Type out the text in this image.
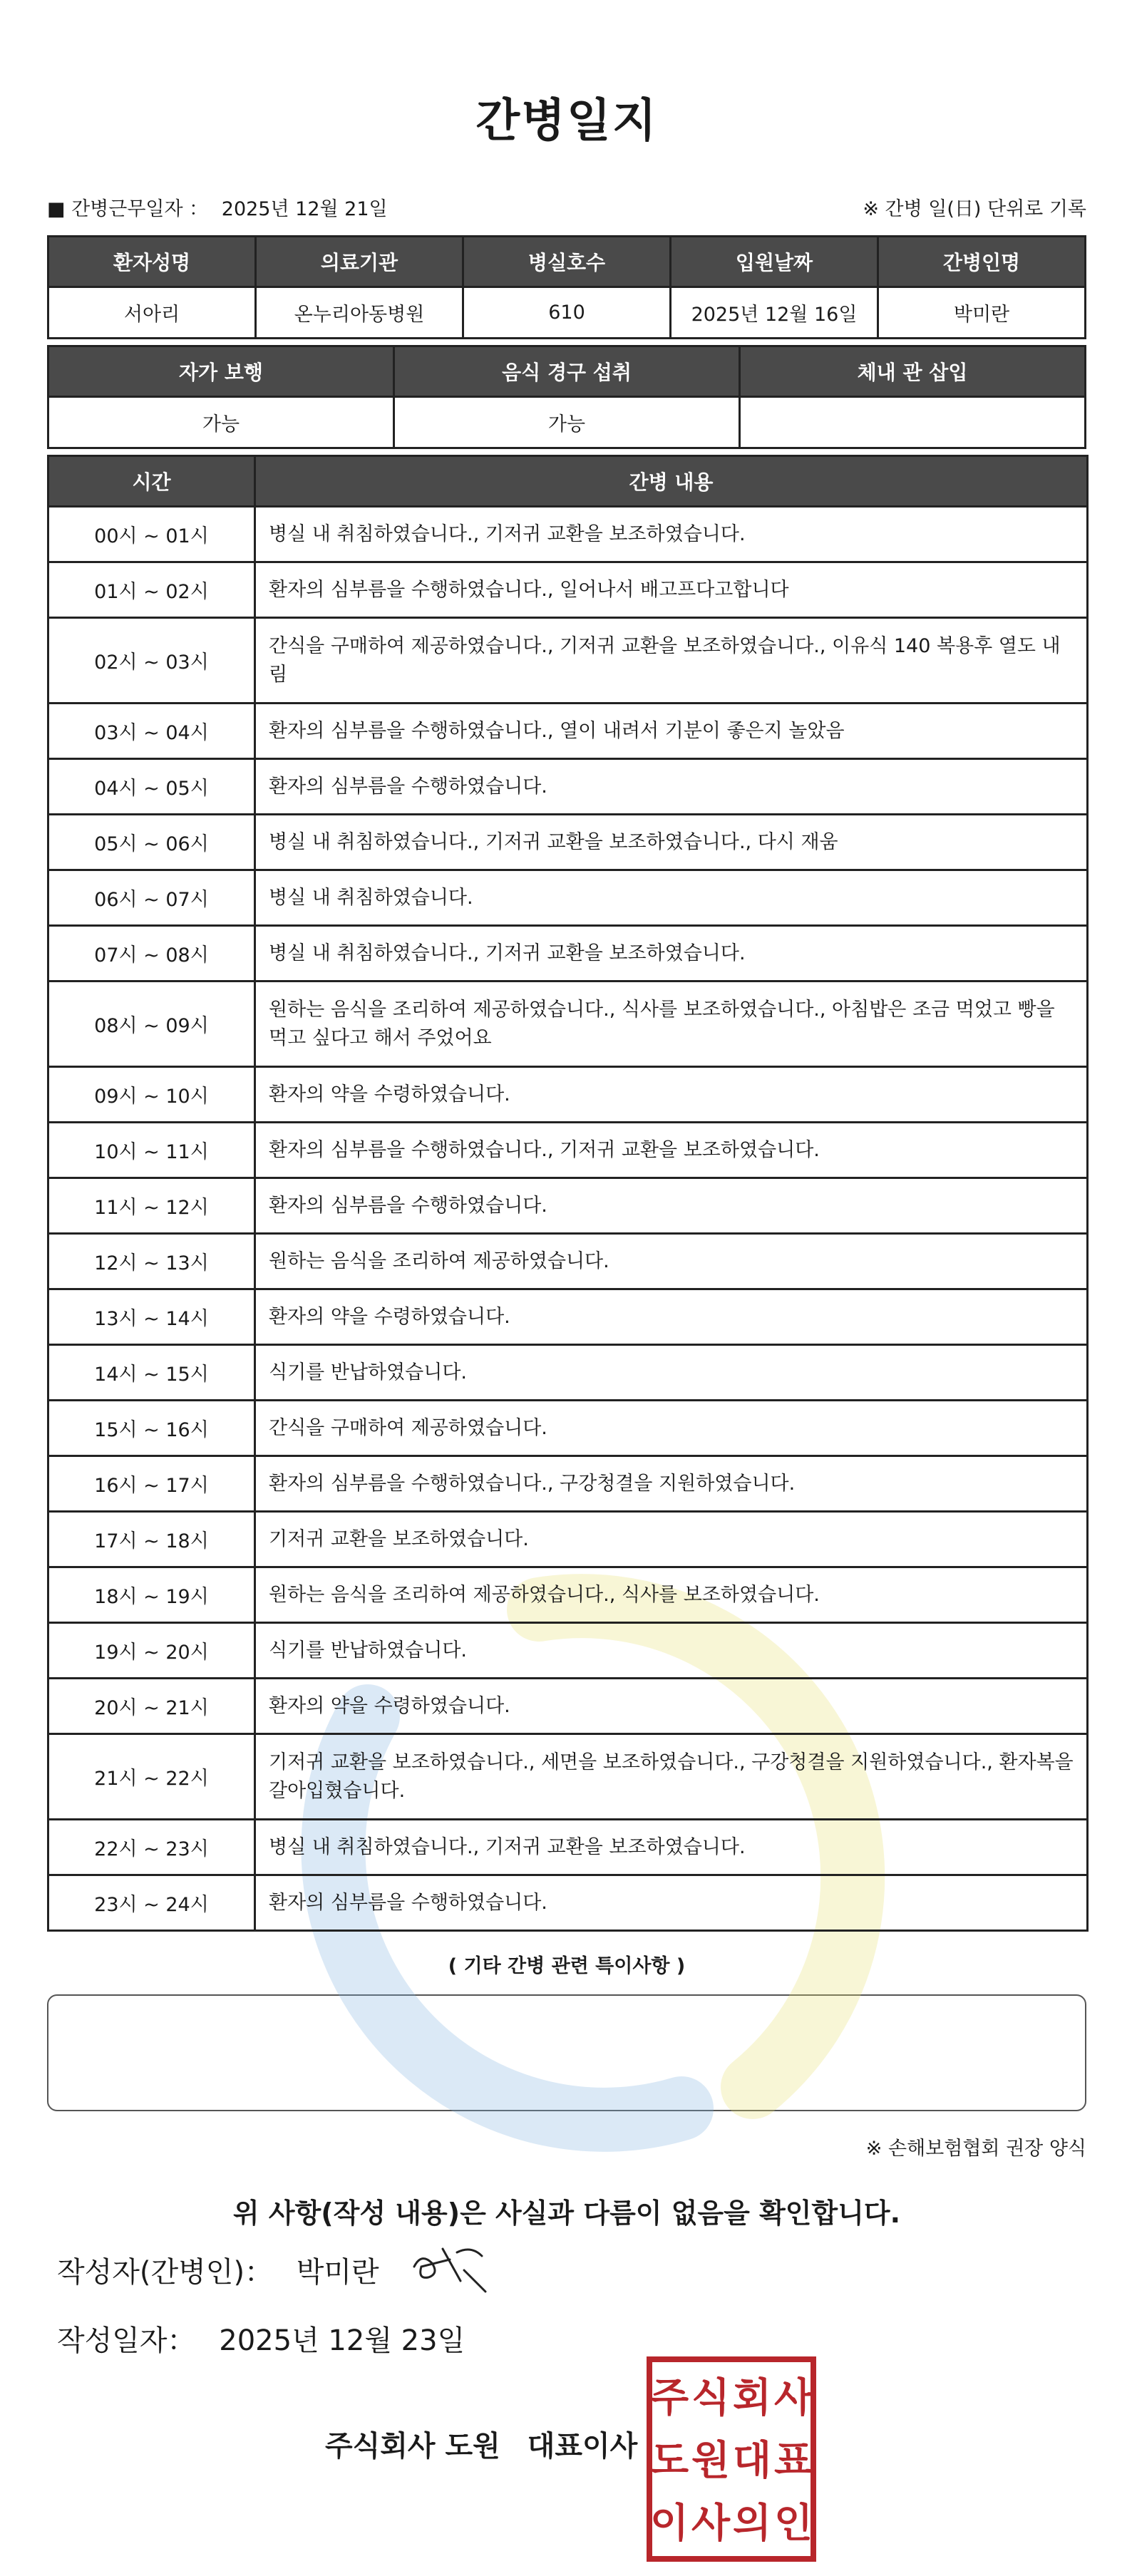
간병일지
■ 간병근무일자 ： 2025년 12월 21일	※ 간병 일(日) 단위로 기록
환자성명	의료기관	병실호수	입원날짜	간병인명
서아리	온누리아동병원	610	2025년 12월 16일	박미란
자가 보행	음식 경구 섭취	체내 관 삽입
가능	가능	
시간	간병 내용
00시 ~ 01시	병실 내 취침하였습니다., 기저귀 교환을 보조하였습니다.
01시 ~ 02시	환자의 심부름을 수행하였습니다., 일어나서 배고프다고합니다
02시 ~ 03시	간식을 구매하여 제공하였습니다., 기저귀 교환을 보조하였습니다., 이유식 140 복용후 열도 내림
03시 ~ 04시	환자의 심부름을 수행하였습니다., 열이 내려서 기분이 좋은지 놀았음
04시 ~ 05시	환자의 심부름을 수행하였습니다.
05시 ~ 06시	병실 내 취침하였습니다., 기저귀 교환을 보조하였습니다., 다시 재움
06시 ~ 07시	병실 내 취침하였습니다.
07시 ~ 08시	병실 내 취침하였습니다., 기저귀 교환을 보조하였습니다.
08시 ~ 09시	원하는 음식을 조리하여 제공하였습니다., 식사를 보조하였습니다., 아침밥은 조금 먹었고 빵을 먹고 싶다고 해서 주었어요
09시 ~ 10시	환자의 약을 수령하였습니다.
10시 ~ 11시	환자의 심부름을 수행하였습니다., 기저귀 교환을 보조하였습니다.
11시 ~ 12시	환자의 심부름을 수행하였습니다.
12시 ~ 13시	원하는 음식을 조리하여 제공하였습니다.
13시 ~ 14시	환자의 약을 수령하였습니다.
14시 ~ 15시	식기를 반납하였습니다.
15시 ~ 16시	간식을 구매하여 제공하였습니다.
16시 ~ 17시	환자의 심부름을 수행하였습니다., 구강청결을 지원하였습니다.
17시 ~ 18시	기저귀 교환을 보조하였습니다.
18시 ~ 19시	원하는 음식을 조리하여 제공하였습니다., 식사를 보조하였습니다.
19시 ~ 20시	식기를 반납하였습니다.
20시 ~ 21시	환자의 약을 수령하였습니다.
21시 ~ 22시	기저귀 교환을 보조하였습니다., 세면을 보조하였습니다., 구강청결을 지원하였습니다., 환자복을 갈아입혔습니다.
22시 ~ 23시	병실 내 취침하였습니다., 기저귀 교환을 보조하였습니다.
23시 ~ 24시	환자의 심부름을 수행하였습니다.
( 기타 간병 관련 특이사항 )
※ 손해보험협회 권장 양식
위 사항(작성 내용)은 사실과 다름이 없음을 확인합니다.
작성자(간병인)： 박미란
작성일자： 2025년 12월 23일
주식회사 도원 대표이사
주 식 회 사
도 원 대 표
이 사 의 인
